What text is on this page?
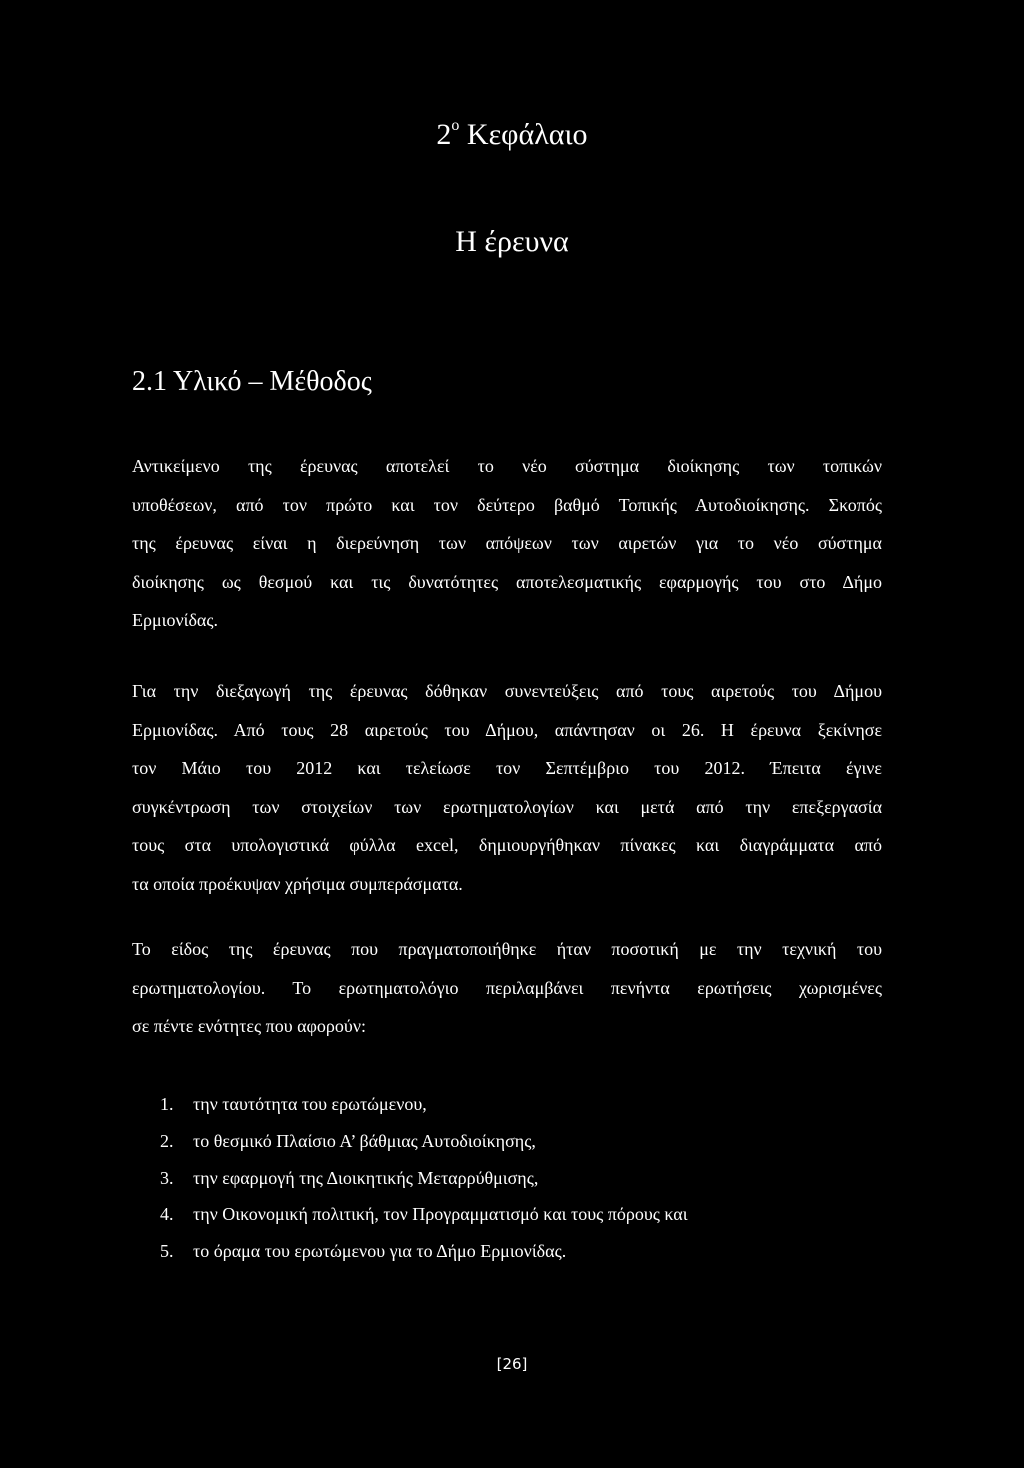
$2^o$ Κεφάλαιο
Η έρευνα
2.1 Υλικό – Μέθοδος
Αντικείμενο της έρευνας αποτελεί το νέο σύστημα διοίκησης των τοπικών
υποθέσεων, από τον πρώτο και τον δεύτερο βαθμό Τοπικής Αυτοδιοίκησης. Σκοπός
της έρευνας είναι η διερεύνηση των απόψεων των αιρετών για το νέο σύστημα
διοίκησης ως θεσμού και τις δυνατότητες αποτελεσματικής εφαρμογής του στο Δήμο
Ερμιονίδας.
Για την διεξαγωγή της έρευνας δόθηκαν συνεντεύξεις από τους αιρετούς του Δήμου
Ερμιονίδας. Από τους 28 αιρετούς του Δήμου, απάντησαν οι 26. Η έρευνα ξεκίνησε
τον Μάιο του 2012 και τελείωσε τον Σεπτέμβριο του 2012. Έπειτα έγινε
συγκέντρωση των στοιχείων των ερωτηματολογίων και μετά από την επεξεργασία
τους στα υπολογιστικά φύλλα excel, δημιουργήθηκαν πίνακες και διαγράμματα από
τα οποία προέκυψαν χρήσιμα συμπεράσματα.
Το είδος της έρευνας που πραγματοποιήθηκε ήταν ποσοτική με την τεχνική του
ερωτηματολογίου. Το ερωτηματολόγιο περιλαμβάνει πενήντα ερωτήσεις χωρισμένες
σε πέντε ενότητες που αφορούν:
1. την ταυτότητα του ερωτώμενου,
2. το θεσμικό Πλαίσιο Α’ βάθμιας Αυτοδιοίκησης,
3. την εφαρμογή της Διοικητικής Μεταρρύθμισης,
4. την Οικονομική πολιτική, τον Προγραμματισμό και τους πόρους και
5. το όραμα του ερωτώμενου για το Δήμο Ερμιονίδας.
[26]
